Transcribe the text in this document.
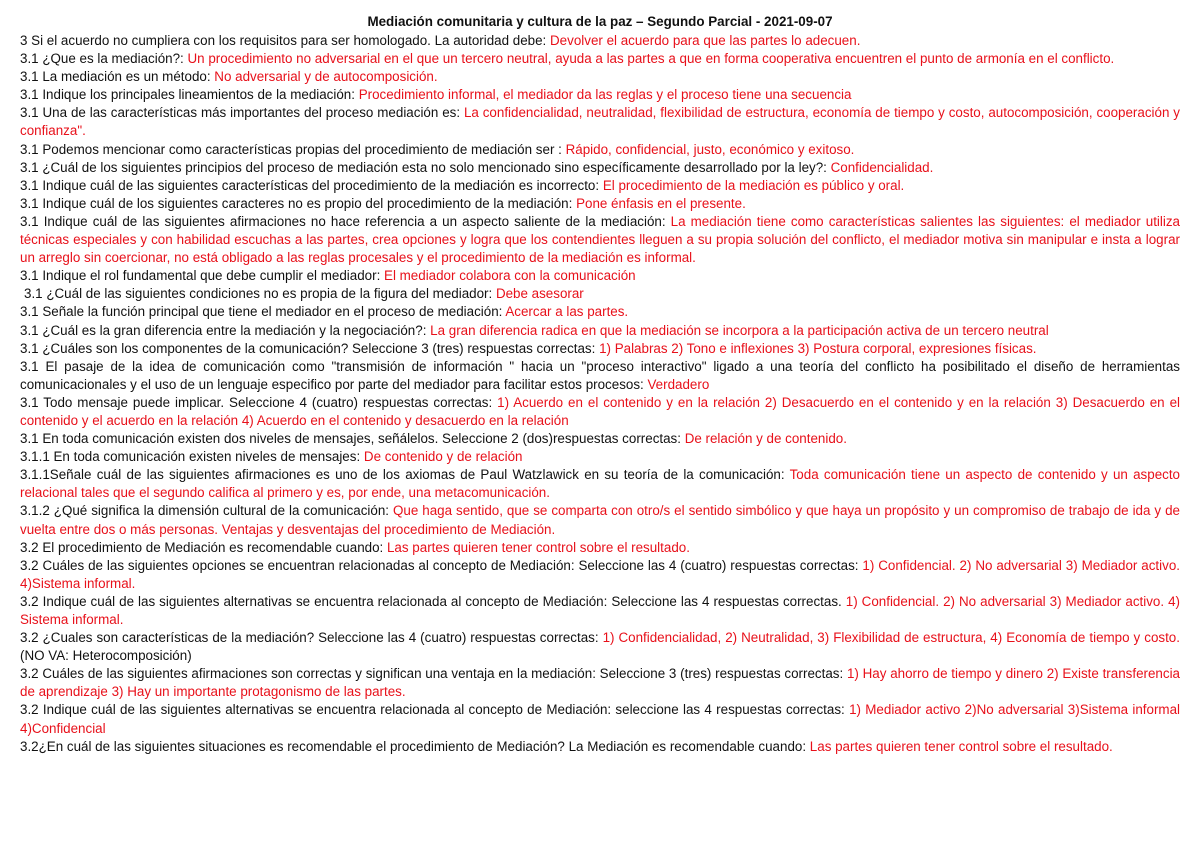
Mediación comunitaria y cultura de la paz – Segundo Parcial - 2021-09-07

3 Si el acuerdo no cumpliera con los requisitos para ser homologado. La autoridad debe: Devolver el acuerdo para que las partes lo adecuen.

3.1 ¿Que es la mediación?: Un procedimiento no adversarial en el que un tercero neutral, ayuda a las partes a que en forma cooperativa encuentren el punto de armonía en el conflicto.

3.1 La mediación es un método: No adversarial y de autocomposición.

3.1 Indique los principales lineamientos de la mediación: Procedimiento informal, el mediador da las reglas y el proceso tiene una secuencia

3.1 Una de las características más importantes del proceso mediación es: La confidencialidad, neutralidad, flexibilidad de estructura, economía de tiempo y costo, autocomposición, cooperación y confianza".

3.1 Podemos mencionar como características propias del procedimiento de mediación ser : Rápido, confidencial, justo, económico y exitoso.

3.1 ¿Cuál de los siguientes principios del proceso de mediación esta no solo mencionado sino específicamente desarrollado por la ley?: Confidencialidad.

3.1 Indique cuál de las siguientes características del procedimiento de la mediación es incorrecto: El procedimiento de la mediación es público y oral.

3.1 Indique cuál de los siguientes caracteres no es propio del procedimiento de la mediación: Pone énfasis en el presente.

3.1 Indique cuál de las siguientes afirmaciones no hace referencia a un aspecto saliente de la mediación: La mediación tiene como características salientes las siguientes: el mediador utiliza técnicas especiales y con habilidad escuchas a las partes, crea opciones y logra que los contendientes lleguen a su propia solución del conflicto, el mediador motiva sin manipular e insta a lograr un arreglo sin coercionar, no está obligado a las reglas procesales y el procedimiento de la mediación es informal.

3.1 Indique el rol fundamental que debe cumplir el mediador: El mediador colabora con la comunicación

3.1 ¿Cuál de las siguientes condiciones no es propia de la figura del mediador: Debe asesorar

3.1 Señale la función principal que tiene el mediador en el proceso de mediación: Acercar a las partes.

3.1 ¿Cuál es la gran diferencia entre la mediación y la negociación?: La gran diferencia radica en que la mediación se incorpora a la participación activa de un tercero neutral

3.1 ¿Cuáles son los componentes de la comunicación? Seleccione 3 (tres) respuestas correctas: 1) Palabras 2) Tono e inflexiones 3) Postura corporal, expresiones físicas.

3.1 El pasaje de la idea de comunicación como "transmisión de información " hacia un "proceso interactivo" ligado a una teoría del conflicto ha posibilitado el diseño de herramientas comunicacionales y el uso de un lenguaje especifico por parte del mediador para facilitar estos procesos: Verdadero

3.1 Todo mensaje puede implicar. Seleccione 4 (cuatro) respuestas correctas: 1) Acuerdo en el contenido y en la relación 2) Desacuerdo en el contenido y en la relación 3) Desacuerdo en el contenido y el acuerdo en la relación 4) Acuerdo en el contenido y desacuerdo en la relación

3.1 En toda comunicación existen dos niveles de mensajes, señálelos. Seleccione 2 (dos)respuestas correctas: De relación y de contenido.

3.1.1 En toda comunicación existen niveles de mensajes: De contenido y de relación

3.1.1Señale cuál de las siguientes afirmaciones es uno de los axiomas de Paul Watzlawick en su teoría de la comunicación: Toda comunicación tiene un aspecto de contenido y un aspecto relacional tales que el segundo califica al primero y es, por ende, una metacomunicación.

3.1.2 ¿Qué significa la dimensión cultural de la comunicación: Que haga sentido, que se comparta con otro/s el sentido simbólico y que haya un propósito y un compromiso de trabajo de ida y de vuelta entre dos o más personas. Ventajas y desventajas del procedimiento de Mediación.

3.2 El procedimiento de Mediación es recomendable cuando: Las partes quieren tener control sobre el resultado.

3.2 Cuáles de las siguientes opciones se encuentran relacionadas al concepto de Mediación: Seleccione las 4 (cuatro) respuestas correctas: 1) Confidencial. 2) No adversarial 3) Mediador activo. 4)Sistema informal.

3.2 Indique cuál de las siguientes alternativas se encuentra relacionada al concepto de Mediación: Seleccione las 4 respuestas correctas. 1) Confidencial. 2) No adversarial 3) Mediador activo. 4) Sistema informal.

3.2 ¿Cuales son características de la mediación? Seleccione las 4 (cuatro) respuestas correctas: 1) Confidencialidad, 2) Neutralidad, 3) Flexibilidad de estructura, 4) Economía de tiempo y costo. (NO VA: Heterocomposición)

3.2 Cuáles de las siguientes afirmaciones son correctas y significan una ventaja en la mediación: Seleccione 3 (tres) respuestas correctas: 1) Hay ahorro de tiempo y dinero 2) Existe transferencia de aprendizaje 3) Hay un importante protagonismo de las partes.

3.2 Indique cuál de las siguientes alternativas se encuentra relacionada al concepto de Mediación: seleccione las 4 respuestas correctas: 1) Mediador activo 2)No adversarial 3)Sistema informal 4)Confidencial

3.2¿En cuál de las siguientes situaciones es recomendable el procedimiento de Mediación? La Mediación es recomendable cuando: Las partes quieren tener control sobre el resultado.
